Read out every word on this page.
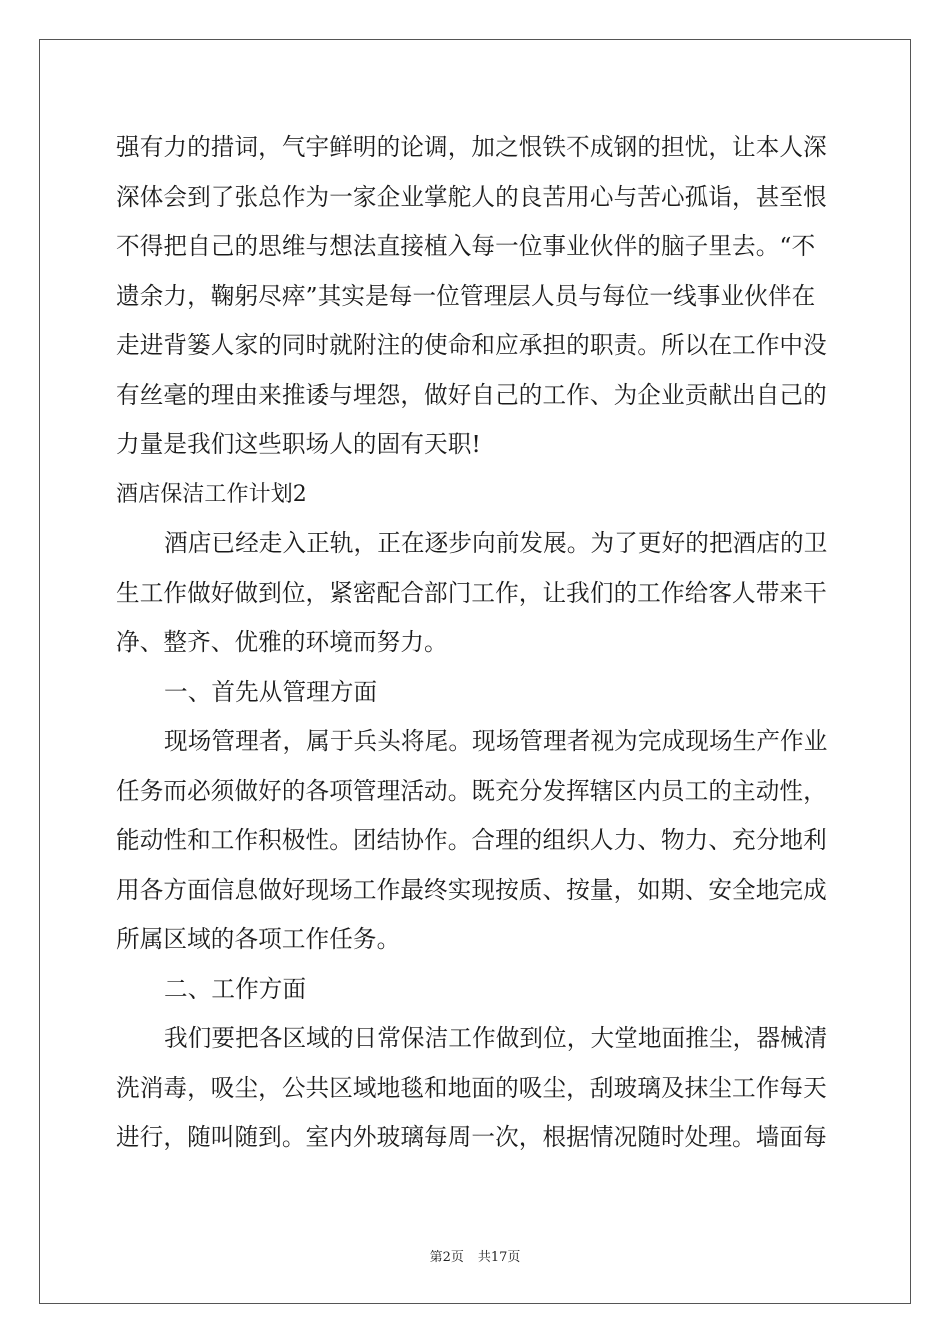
强有力的措词，气宇鲜明的论调，加之恨铁不成钢的担忧，让本人深
深体会到了张总作为一家企业掌舵人的良苦用心与苦心孤诣，甚至恨
不得把自己的思维与想法直接植入每一位事业伙伴的脑子里去。“不
遗余力，鞠躬尽瘁”其实是每一位管理层人员与每位一线事业伙伴在
走进背篓人家的同时就附注的使命和应承担的职责。所以在工作中没
有丝毫的理由来推诿与埋怨，做好自己的工作、为企业贡献出自己的
力量是我们这些职场人的固有天职!
酒店保洁工作计划2
酒店已经走入正轨，正在逐步向前发展。为了更好的把酒店的卫
生工作做好做到位，紧密配合部门工作，让我们的工作给客人带来干
净、整齐、优雅的环境而努力。
一、首先从管理方面
现场管理者，属于兵头将尾。现场管理者视为完成现场生产作业
任务而必须做好的各项管理活动。既充分发挥辖区内员工的主动性，
能动性和工作积极性。团结协作。合理的组织人力、物力、充分地利
用各方面信息做好现场工作最终实现按质、按量，如期、安全地完成
所属区域的各项工作任务。
二、工作方面
我们要把各区域的日常保洁工作做到位，大堂地面推尘，器械清
洗消毒，吸尘，公共区域地毯和地面的吸尘，刮玻璃及抹尘工作每天
进行，随叫随到。室内外玻璃每周一次，根据情况随时处理。墙面每
第2页 共17页
